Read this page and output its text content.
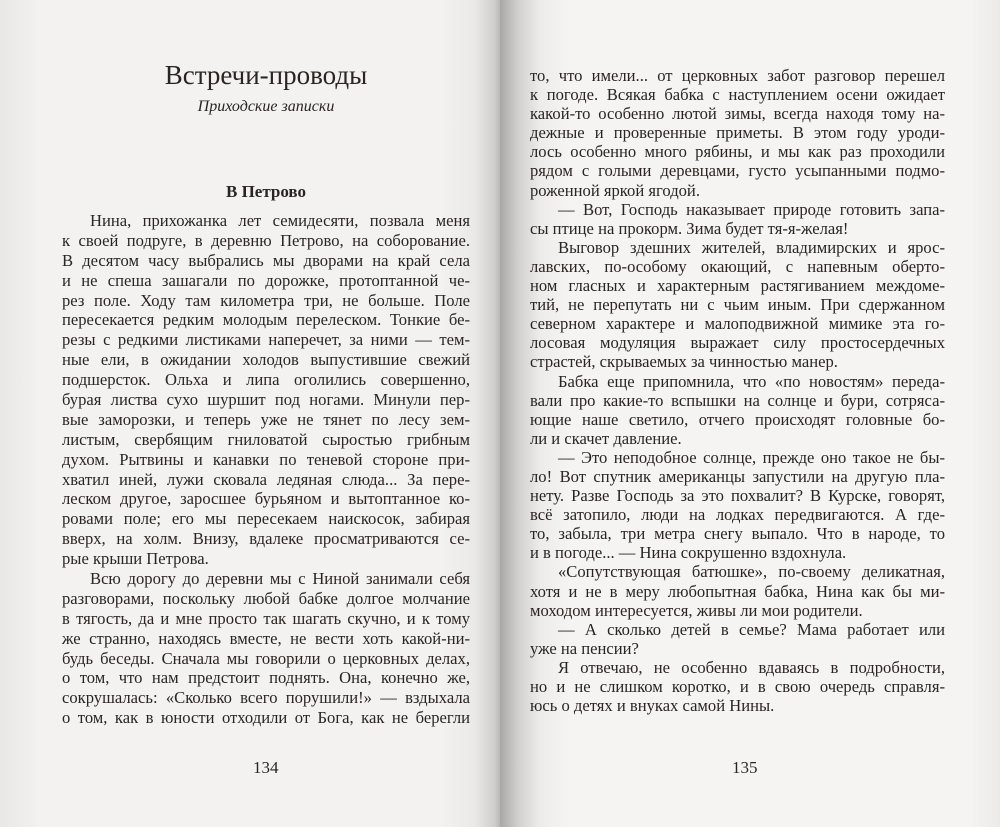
Встречи-проводы
Приходские записки
В Петрово
Нина, прихожанка лет семидесяти, позвала меня
к своей подруге, в деревню Петрово, на соборование.
В десятом часу выбрались мы дворами на край села
и не спеша зашагали по дорожке, протоптанной че-
рез поле. Ходу там километра три, не больше. Поле
пересекается редким молодым перелеском. Тонкие бе-
резы с редкими листиками наперечет, за ними — тем-
ные ели, в ожидании холодов выпустившие свежий
подшерсток. Ольха и липа оголились совершенно,
бурая листва сухо шуршит под ногами. Минули пер-
вые заморозки, и теперь уже не тянет по лесу зем-
листым, свербящим гниловатой сыростью грибным
духом. Рытвины и канавки по теневой стороне при-
хватил иней, лужи сковала ледяная слюда... За пере-
леском другое, заросшее бурьяном и вытоптанное ко-
ровами поле; его мы пересекаем наискосок, забирая
вверх, на холм. Внизу, вдалеке просматриваются се-
рые крыши Петрова.
Всю дорогу до деревни мы с Ниной занимали себя
разговорами, поскольку любой бабке долгое молчание
в тягость, да и мне просто так шагать скучно, и к тому
же странно, находясь вместе, не вести хоть какой-ни-
будь беседы. Сначала мы говорили о церковных делах,
о том, что нам предстоит поднять. Она, конечно же,
сокрушалась: «Сколько всего порушили!» — вздыхала
о том, как в юности отходили от Бога, как не берегли
134
то, что имели... от церковных забот разговор перешел
к погоде. Всякая бабка с наступлением осени ожидает
какой-то особенно лютой зимы, всегда находя тому на-
дежные и проверенные приметы. В этом году уроди-
лось особенно много рябины, и мы как раз проходили
рядом с голыми деревцами, густо усыпанными подмо-
роженной яркой ягодой.
— Вот, Господь наказывает природе готовить запа-
сы птице на прокорм. Зима будет тя-я-желая!
Выговор здешних жителей, владимирских и ярос-
лавских, по-особому окающий, с напевным оберто-
ном гласных и характерным растягиванием междоме-
тий, не перепутать ни с чьим иным. При сдержанном
северном характере и малоподвижной мимике эта го-
лосовая модуляция выражает силу простосердечных
страстей, скрываемых за чинностью манер.
Бабка еще припомнила, что «по новостям» переда-
вали про какие-то вспышки на солнце и бури, сотряса-
ющие наше светило, отчего происходят головные бо-
ли и скачет давление.
— Это неподобное солнце, прежде оно такое не бы-
ло! Вот спутник американцы запустили на другую пла-
нету. Разве Господь за это похвалит? В Курске, говорят,
всё затопило, люди на лодках передвигаются. А где-
то, забыла, три метра снегу выпало. Что в народе, то
и в погоде... — Нина сокрушенно вздохнула.
«Сопутствующая батюшке», по-своему деликатная,
хотя и не в меру любопытная бабка, Нина как бы ми-
моходом интересуется, живы ли мои родители.
— А сколько детей в семье? Мама работает или
уже на пенсии?
Я отвечаю, не особенно вдаваясь в подробности,
но и не слишком коротко, и в свою очередь справля-
юсь о детях и внуках самой Нины.
135
